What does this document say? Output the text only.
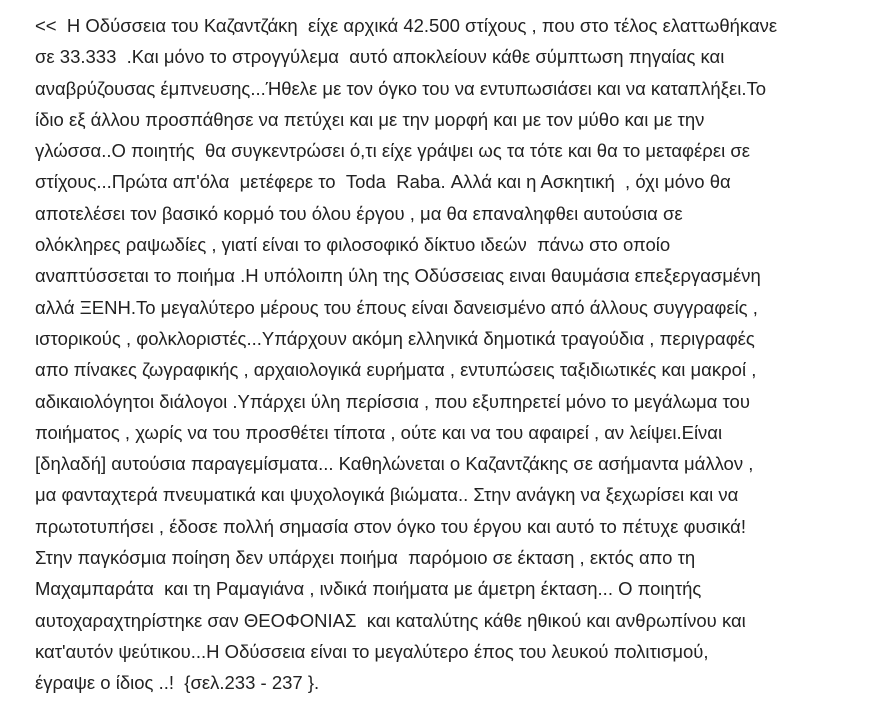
<<  Η Οδύσσεια του Καζαντζάκη  είχε αρχικά 42.500 στίχους , που στο τέλος ελαττωθήκανε
σε 33.333  .Και μόνο το στρογγύλεμα  αυτό αποκλείουν κάθε σύμπτωση πηγαίας και
αναβρύζουσας έμπνευσης...Ήθελε με τον όγκο του να εντυπωσιάσει και να καταπλήξει.Το
ίδιο εξ άλλου προσπάθησε να πετύχει και με την μορφή και με τον μύθο και με την
γλώσσα..Ο ποιητής  θα συγκεντρώσει ό,τι είχε γράψει ως τα τότε και θα το μεταφέρει σε
στίχους...Πρώτα απ'όλα  μετέφερε το  Toda  Raba. Αλλά και η Ασκητική  , όχι μόνο θα
αποτελέσει τον βασικό κορμό του όλου έργου , μα θα επαναληφθει αυτούσια σε
ολόκληρες ραψωδίες , γιατί είναι το φιλοσοφικό δίκτυο ιδεών  πάνω στο οποίο
αναπτύσσεται το ποιήμα .Η υπόλοιπη ύλη της Οδύσσειας ειναι θαυμάσια επεξεργασμένη
αλλά ΞΕΝΗ.Το μεγαλύτερο μέρους του έπους είναι δανεισμένο από άλλους συγγραφείς ,
ιστορικούς , φολκλοριστές...Υπάρχουν ακόμη ελληνικά δημοτικά τραγούδια , περιγραφές
απο πίνακες ζωγραφικής , αρχαιολογικά ευρήματα , εντυπώσεις ταξιδιωτικές και μακροί ,
αδικαιολόγητοι διάλογοι .Υπάρχει ύλη περίσσια , που εξυπηρετεί μόνο το μεγάλωμα του
ποιήματος , χωρίς να του προσθέτει τίποτα , ούτε και να του αφαιρεί , αν λείψει.Είναι
[δηλαδή] αυτούσια παραγεμίσματα... Καθηλώνεται ο Καζαντζάκης σε ασήμαντα μάλλον ,
μα φανταχτερά πνευματικά και ψυχολογικά βιώματα.. Στην ανάγκη να ξεχωρίσει και να
πρωτοτυπήσει , έδοσε πολλή σημασία στον όγκο του έργου και αυτό το πέτυχε φυσικά!
Στην παγκόσμια ποίηση δεν υπάρχει ποιήμα  παρόμοιο σε έκταση , εκτός απο τη
Μαχαμπαράτα  και τη Ραμαγιάνα , ινδικά ποιήματα με άμετρη έκταση... Ο ποιητής
αυτοχαραχτηρίστηκε σαν ΘΕΟΦΟΝΙΑΣ  και καταλύτης κάθε ηθικού και ανθρωπίνου και
κατ'αυτόν ψεύτικου...Η Οδύσσεια είναι το μεγαλύτερο έπος του λευκού πολιτισμού,
έγραψε ο ίδιος ..!  {σελ.233 - 237 }.
